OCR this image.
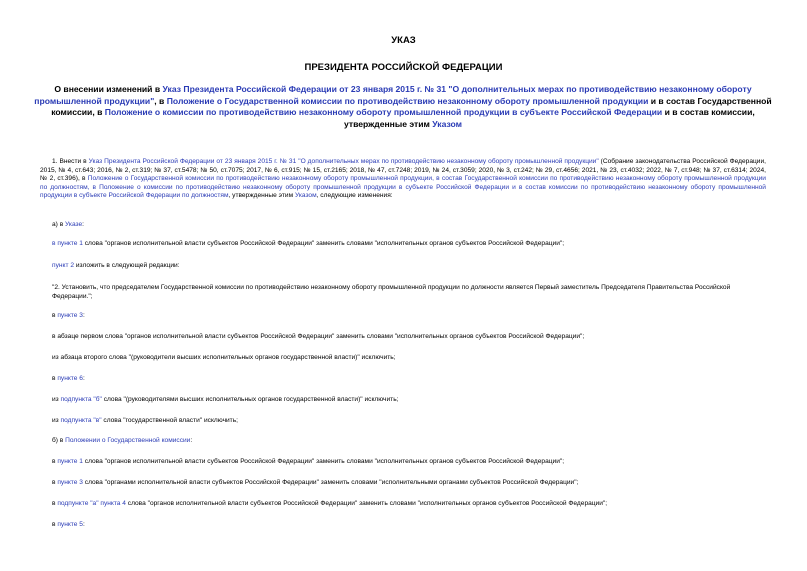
УКАЗ
ПРЕЗИДЕНТА РОССИЙСКОЙ ФЕДЕРАЦИИ
О внесении изменений в Указ Президента Российской Федерации от 23 января 2015 г. № 31 "О дополнительных мерах по противодействию незаконному обороту промышленной продукции", в Положение о Государственной комиссии по противодействию незаконному обороту промышленной продукции и в состав Государственной комиссии, в Положение о комиссии по противодействию незаконному обороту промышленной продукции в субъекте Российской Федерации и в состав комиссии, утвержденные этим Указом
1. Внести в Указ Президента Российской Федерации от 23 января 2015 г. № 31 "О дополнительных мерах по противодействию незаконному обороту промышленной продукции" (Собрание законодательства Российской Федерации, 2015, № 4, ст.643; 2016, № 2, ст.319; № 37, ст.5478; № 50, ст.7075; 2017, № 6, ст.915; № 15, ст.2165; 2018, № 47, ст.7248; 2019, № 24, ст.3059; 2020, № 3, ст.242; № 29, ст.4656; 2021, № 23, ст.4032; 2022, № 7, ст.948; № 37, ст.6314; 2024, № 2, ст.396), в Положение о Государственной комиссии по противодействию незаконному обороту промышленной продукции, в состав Государственной комиссии по противодействию незаконному обороту промышленной продукции по должностям, в Положение о комиссии по противодействию незаконному обороту промышленной продукции в субъекте Российской Федерации и в состав комиссии по противодействию незаконному обороту промышленной продукции в субъекте Российской Федерации по должностям, утвержденные этим Указом, следующие изменения:
а) в Указе:
в пункте 1 слова "органов исполнительной власти субъектов Российской Федерации" заменить словами "исполнительных органов субъектов Российской Федерации";
пункт 2 изложить в следующей редакции:
"2. Установить, что председателем Государственной комиссии по противодействию незаконному обороту промышленной продукции по должности является Первый заместитель Председателя Правительства Российской Федерации.";
в пункте 3:
в абзаце первом слова "органов исполнительной власти субъектов Российской Федерации" заменить словами "исполнительных органов субъектов Российской Федерации";
из абзаца второго слова "(руководители высших исполнительных органов государственной власти)" исключить;
в пункте 6:
из подпункта "б" слова "(руководителями высших исполнительных органов государственной власти)" исключить;
из подпункта "в" слова "государственной власти" исключить;
б) в Положении о Государственной комиссии:
в пункте 1 слова "органов исполнительной власти субъектов Российской Федерации" заменить словами "исполнительных органов субъектов Российской Федерации";
в пункте 3 слова "органами исполнительной власти субъектов Российской Федерации" заменить словами "исполнительными органами субъектов Российской Федерации";
в подпункте "а" пункта 4 слова "органов исполнительной власти субъектов Российской Федерации" заменить словами "исполнительных органов субъектов Российской Федерации";
в пункте 5:
